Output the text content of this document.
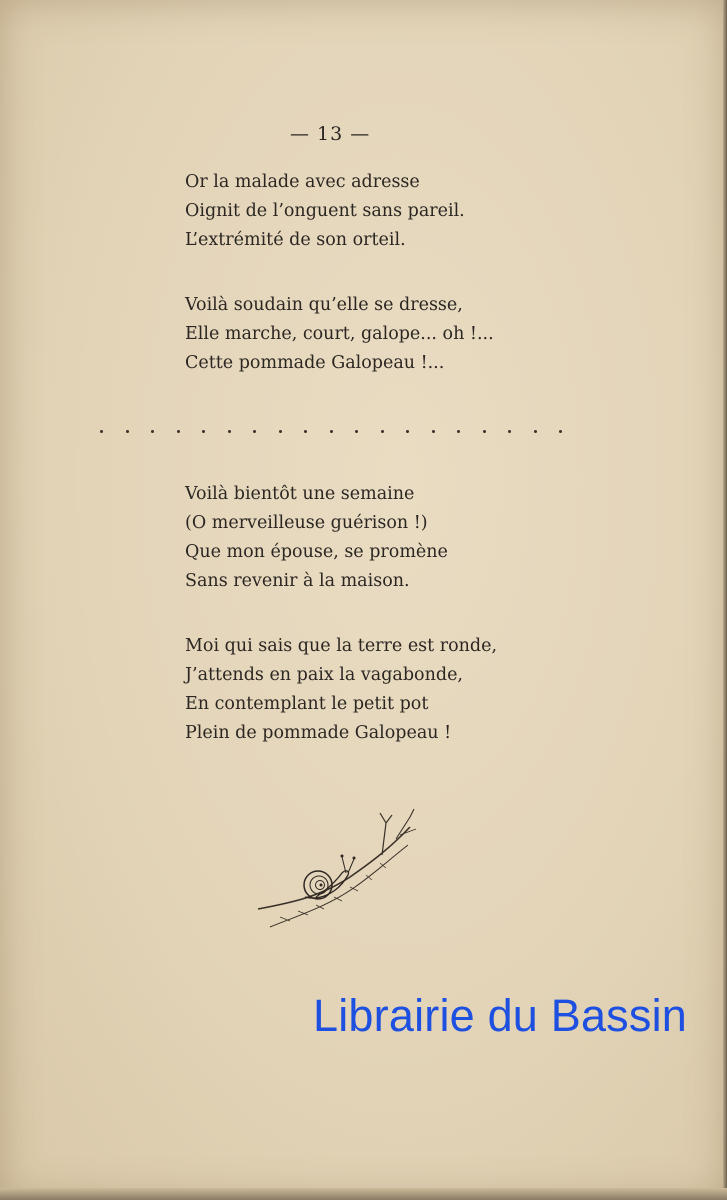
— 13 —
Or la malade avec adresse
Oignit de l’onguent sans pareil.
L’extrémité de son orteil.
Voilà soudain qu’elle se dresse,
Elle marche, court, galope... oh !...
Cette pommade Galopeau !...
Voilà bientôt une semaine
(O merveilleuse guérison !)
Que mon épouse, se promène
Sans revenir à la maison.
Moi qui sais que la terre est ronde,
J’attends en paix la vagabonde,
En contemplant le petit pot
Plein de pommade Galopeau !
Librairie du Bassin
